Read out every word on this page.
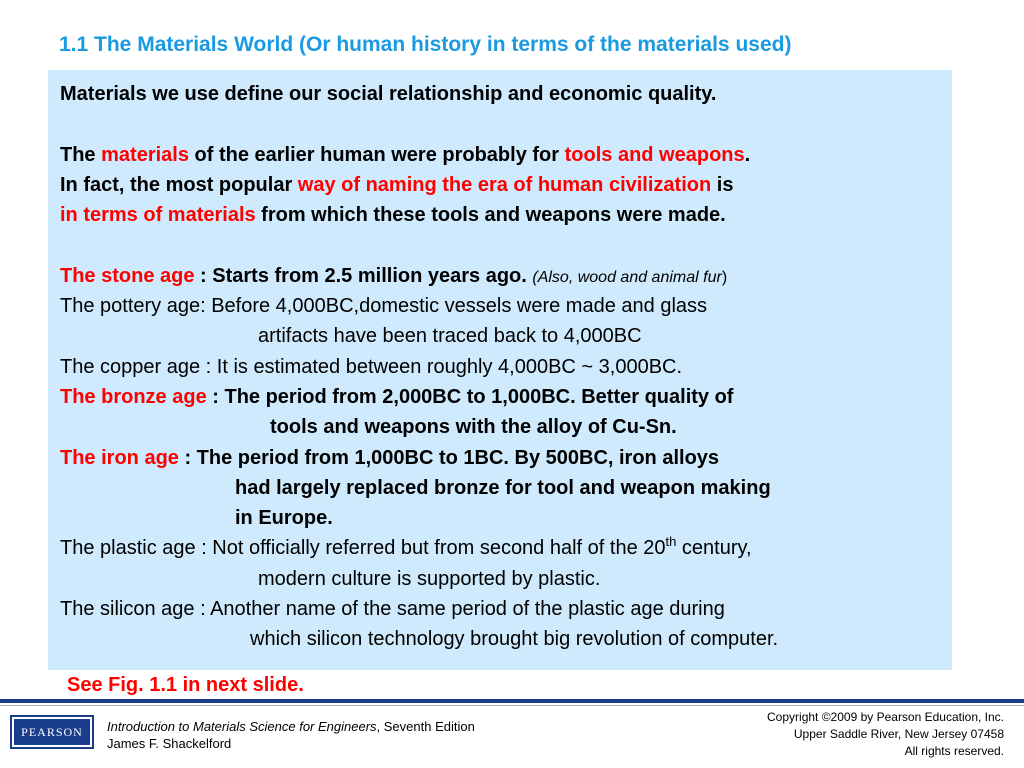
1.1 The Materials World (Or human history in terms of the materials used)
Materials we use define our social relationship and economic quality.
The materials of the earlier human were probably for tools and weapons.
In fact, the most popular way of naming the era of human civilization is
in terms of materials from which these tools and weapons were made.
The stone age : Starts from 2.5 million years ago. (Also, wood and animal fur)
The pottery age: Before 4,000BC,domestic vessels were made and glass
artifacts have been traced back to 4,000BC
The copper age : It is estimated between roughly 4,000BC ~ 3,000BC.
The bronze age : The period from 2,000BC to 1,000BC. Better quality of
tools and weapons with the alloy of Cu-Sn.
The iron age : The period from 1,000BC to 1BC. By 500BC, iron alloys
had largely replaced bronze for tool and weapon making
in Europe.
The plastic age : Not officially referred but from second half of the 20th century,
modern culture is supported by plastic.
The silicon age : Another name of the same period of the plastic age during
which silicon technology brought big revolution of computer.
See Fig. 1.1 in next slide.
PEARSON	Introduction to Materials Science for Engineers, Seventh Edition
James F. Shackelford
Copyright ©2009 by Pearson Education, Inc.
Upper Saddle River, New Jersey 07458
All rights reserved.
